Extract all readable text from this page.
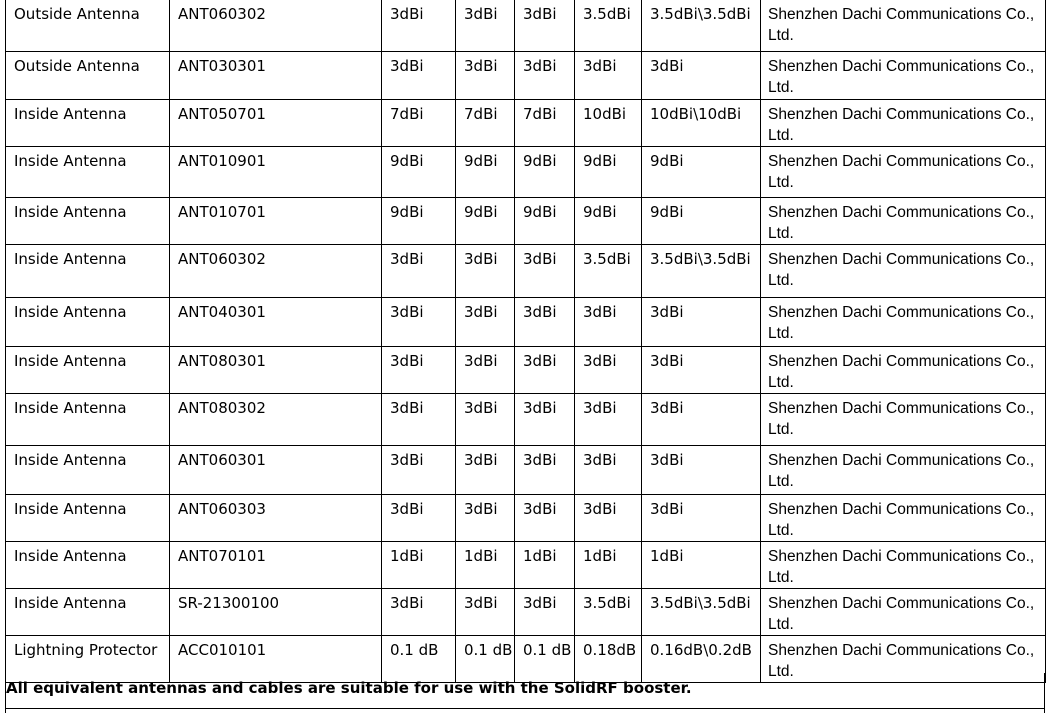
Outside Antenna	ANT060302	3dBi	3dBi	3dBi	3.5dBi	3.5dBi\3.5dBi	Shenzhen Dachi Communications Co., Ltd.
Outside Antenna	ANT030301	3dBi	3dBi	3dBi	3dBi	3dBi	Shenzhen Dachi Communications Co., Ltd.
Inside Antenna	ANT050701	7dBi	7dBi	7dBi	10dBi	10dBi\10dBi	Shenzhen Dachi Communications Co., Ltd.
Inside Antenna	ANT010901	9dBi	9dBi	9dBi	9dBi	9dBi	Shenzhen Dachi Communications Co., Ltd.
Inside Antenna	ANT010701	9dBi	9dBi	9dBi	9dBi	9dBi	Shenzhen Dachi Communications Co., Ltd.
Inside Antenna	ANT060302	3dBi	3dBi	3dBi	3.5dBi	3.5dBi\3.5dBi	Shenzhen Dachi Communications Co., Ltd.
Inside Antenna	ANT040301	3dBi	3dBi	3dBi	3dBi	3dBi	Shenzhen Dachi Communications Co., Ltd.
Inside Antenna	ANT080301	3dBi	3dBi	3dBi	3dBi	3dBi	Shenzhen Dachi Communications Co., Ltd.
Inside Antenna	ANT080302	3dBi	3dBi	3dBi	3dBi	3dBi	Shenzhen Dachi Communications Co., Ltd.
Inside Antenna	ANT060301	3dBi	3dBi	3dBi	3dBi	3dBi	Shenzhen Dachi Communications Co., Ltd.
Inside Antenna	ANT060303	3dBi	3dBi	3dBi	3dBi	3dBi	Shenzhen Dachi Communications Co., Ltd.
Inside Antenna	ANT070101	1dBi	1dBi	1dBi	1dBi	1dBi	Shenzhen Dachi Communications Co., Ltd.
Inside Antenna	SR-21300100	3dBi	3dBi	3dBi	3.5dBi	3.5dBi\3.5dBi	Shenzhen Dachi Communications Co., Ltd.
Lightning Protector	ACC010101	0.1 dB	0.1 dB	0.1 dB	0.18dB	0.16dB\0.2dB	Shenzhen Dachi Communications Co., Ltd.
All equivalent antennas and cables are suitable for use with the SolidRF booster.
